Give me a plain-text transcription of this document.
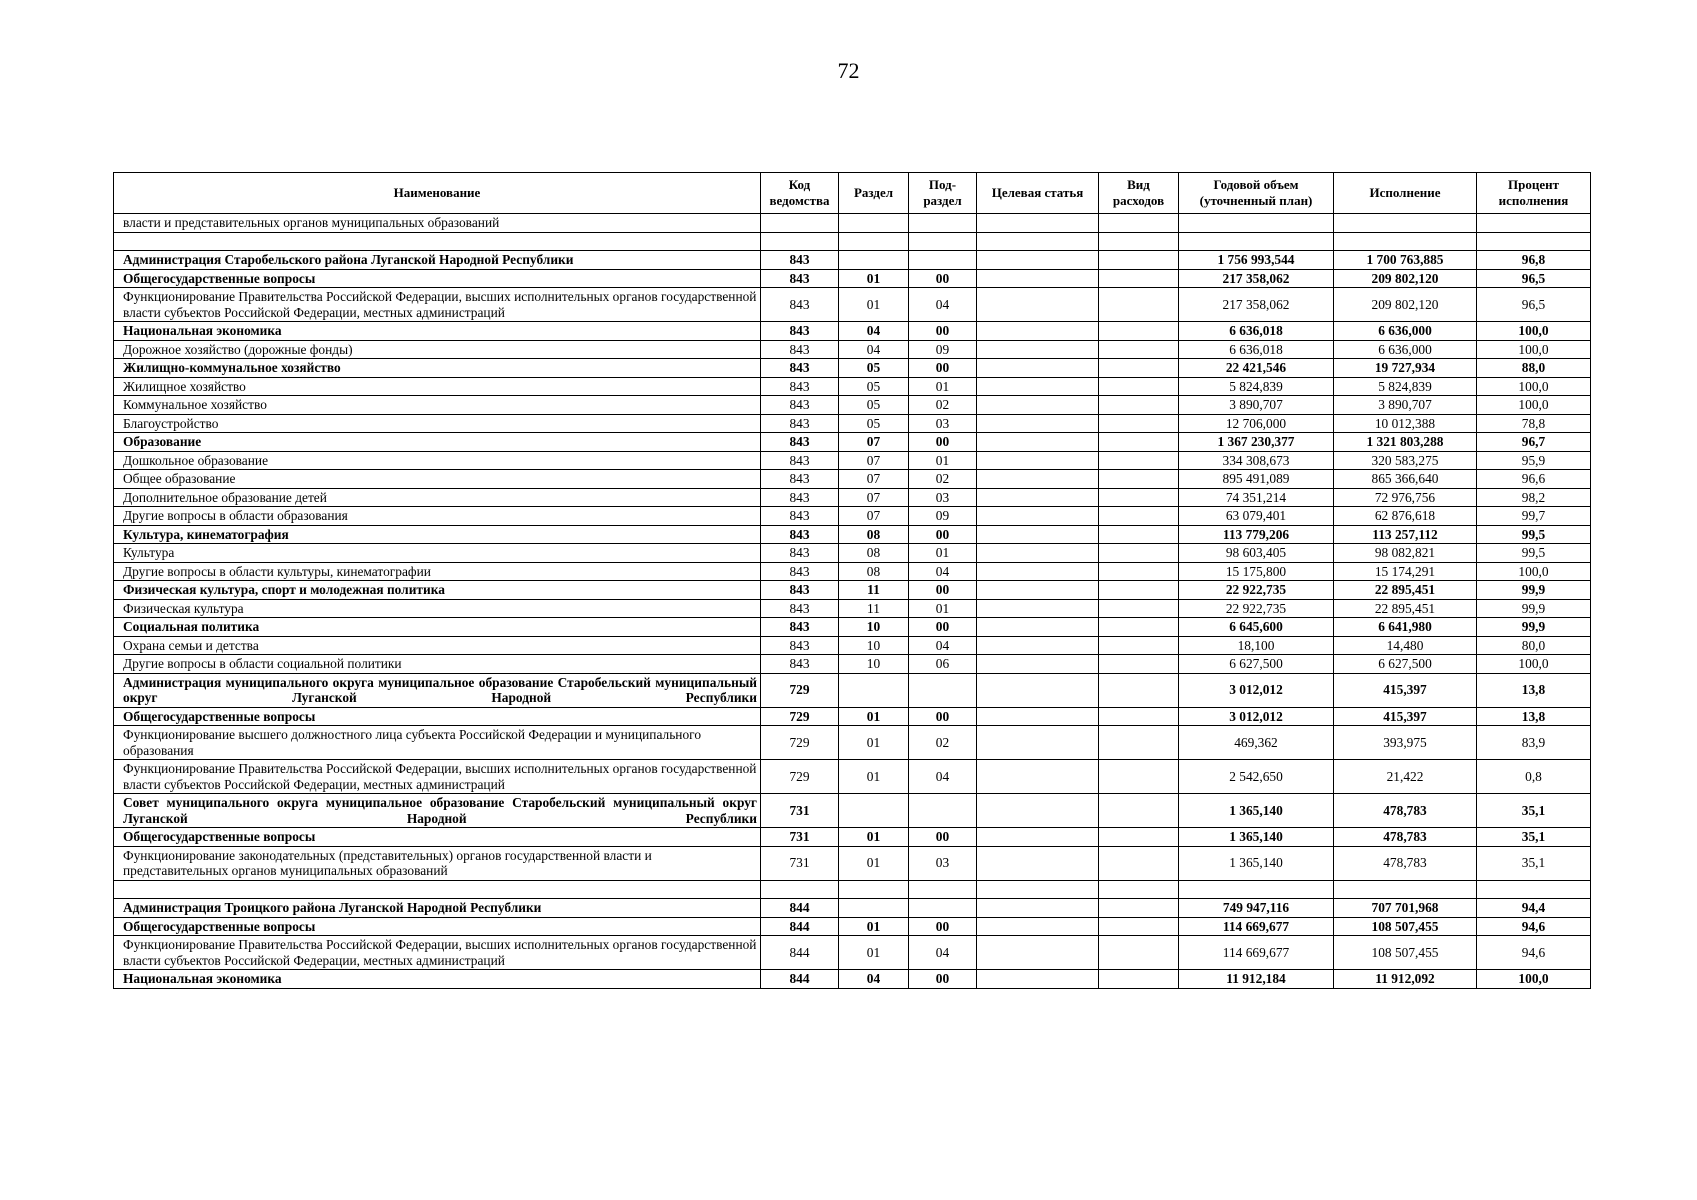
72
Наименование	Код ведомства	Раздел	Под-раздел	Целевая статья	Вид расходов	Годовой объем (уточненный план)	Исполнение	Процент исполнения
власти и представительных органов муниципальных образований								

Администрация Старобельского района Луганской Народной Республики	843					1 756 993,544	1 700 763,885	96,8
Общегосударственные вопросы	843	01	00			217 358,062	209 802,120	96,5
Функционирование Правительства Российской Федерации, высших исполнительных органов государственной власти субъектов Российской Федерации, местных администраций	843	01	04			217 358,062	209 802,120	96,5
Национальная экономика	843	04	00			6 636,018	6 636,000	100,0
Дорожное хозяйство (дорожные фонды)	843	04	09			6 636,018	6 636,000	100,0
Жилищно-коммунальное хозяйство	843	05	00			22 421,546	19 727,934	88,0
Жилищное хозяйство	843	05	01			5 824,839	5 824,839	100,0
Коммунальное хозяйство	843	05	02			3 890,707	3 890,707	100,0
Благоустройство	843	05	03			12 706,000	10 012,388	78,8
Образование	843	07	00			1 367 230,377	1 321 803,288	96,7
Дошкольное образование	843	07	01			334 308,673	320 583,275	95,9
Общее образование	843	07	02			895 491,089	865 366,640	96,6
Дополнительное образование детей	843	07	03			74 351,214	72 976,756	98,2
Другие вопросы в области образования	843	07	09			63 079,401	62 876,618	99,7
Культура, кинематография	843	08	00			113 779,206	113 257,112	99,5
Культура	843	08	01			98 603,405	98 082,821	99,5
Другие вопросы в области культуры, кинематографии	843	08	04			15 175,800	15 174,291	100,0
Физическая культура, спорт и молодежная политика	843	11	00			22 922,735	22 895,451	99,9
Физическая культура	843	11	01			22 922,735	22 895,451	99,9
Социальная политика	843	10	00			6 645,600	6 641,980	99,9
Охрана семьи и детства	843	10	04			18,100	14,480	80,0
Другие вопросы в области социальной политики	843	10	06			6 627,500	6 627,500	100,0
Администрация муниципального округа муниципальное образование Старобельский муниципальный округ Луганской Народной Республики	729					3 012,012	415,397	13,8
Общегосударственные вопросы	729	01	00			3 012,012	415,397	13,8
Функционирование высшего должностного лица субъекта Российской Федерации и муниципального образования	729	01	02			469,362	393,975	83,9
Функционирование Правительства Российской Федерации, высших исполнительных органов государственной власти субъектов Российской Федерации, местных администраций	729	01	04			2 542,650	21,422	0,8
Совет муниципального округа муниципальное образование Старобельский муниципальный округ Луганской Народной Республики	731					1 365,140	478,783	35,1
Общегосударственные вопросы	731	01	00			1 365,140	478,783	35,1
Функционирование законодательных (представительных) органов государственной власти и представительных органов муниципальных образований	731	01	03			1 365,140	478,783	35,1

Администрация Троицкого района Луганской Народной Республики	844					749 947,116	707 701,968	94,4
Общегосударственные вопросы	844	01	00			114 669,677	108 507,455	94,6
Функционирование Правительства Российской Федерации, высших исполнительных органов государственной власти субъектов Российской Федерации, местных администраций	844	01	04			114 669,677	108 507,455	94,6
Национальная экономика	844	04	00			11 912,184	11 912,092	100,0
